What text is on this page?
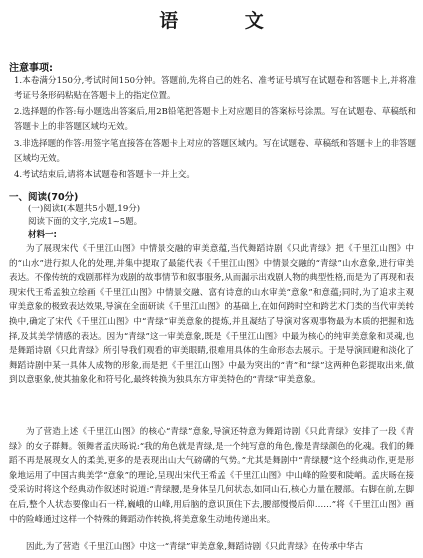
语 文
注意事项:
1.本卷满分150分,考试时间150分钟。答题前,先将自己的姓名、准考证号填写在试题卷和答题卡上,并将准考证号条形码粘贴在答题卡上的指定位置。
2.选择题的作答:每小题选出答案后,用2B铅笔把答题卡上对应题目的答案标号涂黑。写在试题卷、草稿纸和答题卡上的非答题区域均无效。
3.非选择题的作答:用签字笔直接答在答题卡上对应的答题区域内。写在试题卷、草稿纸和答题卡上的非答题区域均无效。
4.考试结束后,请将本试题卷和答题卡一并上交。
一、阅读(70分)
(一)阅读Ⅰ(本题共5小题,19分)
阅读下面的文字,完成1~5题。
材料一:
为了展现宋代《千里江山图》中情景交融的审美意蕴,当代舞蹈诗剧《只此青绿》把《千里江山图》中的“山水”进行拟人化的处理,并集中提取了最能代表《千里江山图》中情景交融的“青绿”山水意象,进行审美表达。不像传统的戏剧那样为戏剧的故事情节和叙事服务,从而漏示出戏剧人物的典型性格,而是为了再现和表现宋代王希孟独立绘画《千里江山图》中情景交融、富有诗意的山水审美“意象”和意蕴;同时,为了追求主观审美意象的极致表达效果,导演在全面研读《千里江山图》的基础上,在如何跨时空和跨艺术门类的当代审美转换中,确定了宋代《千里江山图》中“青绿”审美意象的提炼,并且凝结了导演对客观事物最为本质的把握和选择,及其美学情感的表达。因为“青绿”这一审美意象,既是《千里江山图》中最为核心的纯审美意象和灵魂,也是舞蹈诗剧《只此青绿》所引导我们观看的审美眼睛,很难用具体的生命形态去展示。于是导演回避和淡化了舞蹈诗剧中某一具体人成物的形象,而是把《千里江山图》中最为突出的“青”和“绿”这两种色彩提取出来,做到以意驱象,使其抽象化和符号化,最终转换为独具东方审美特色的“青绿”审美意象。
为了营造上述《千里江山图》的核心“青绿”意象,导演还特意为舞蹈诗剧《只此青绿》安排了一段《青绿》的女子群舞。领舞者孟庆旸说:“我的角色就是青绿,是一个纯写意的角色,像是青绿颜色的化魂。我们的舞蹈不再是展现女人的柔美,更多的是表现出山大气磅礴的气势。”尤其是舞剧中“青绿腰”这个经典动作,更是形象地运用了中国古典美学“意象”的理论,呈现出宋代王希孟《千里江山图》中山峰的险要和陡峭。孟庆旸在接受采访时将这个经典动作叙述时说道:“青绿腰,是身体呈几何状态,如同山石,核心力量在腰部。右脚在前,左脚在后,整个人状态要像山石一样,巍峨的山峰,用后脑的意识顶住下去,腰部慢慢后仰……”将《千里江山图》画中的险峰通过这样一个特殊的舞蹈动作转换,将美意象生动地传递出来。
因此,为了营造《千里江山图》中这一“青绿”审美意象,舞蹈诗剧《只此青绿》在传承中华古
